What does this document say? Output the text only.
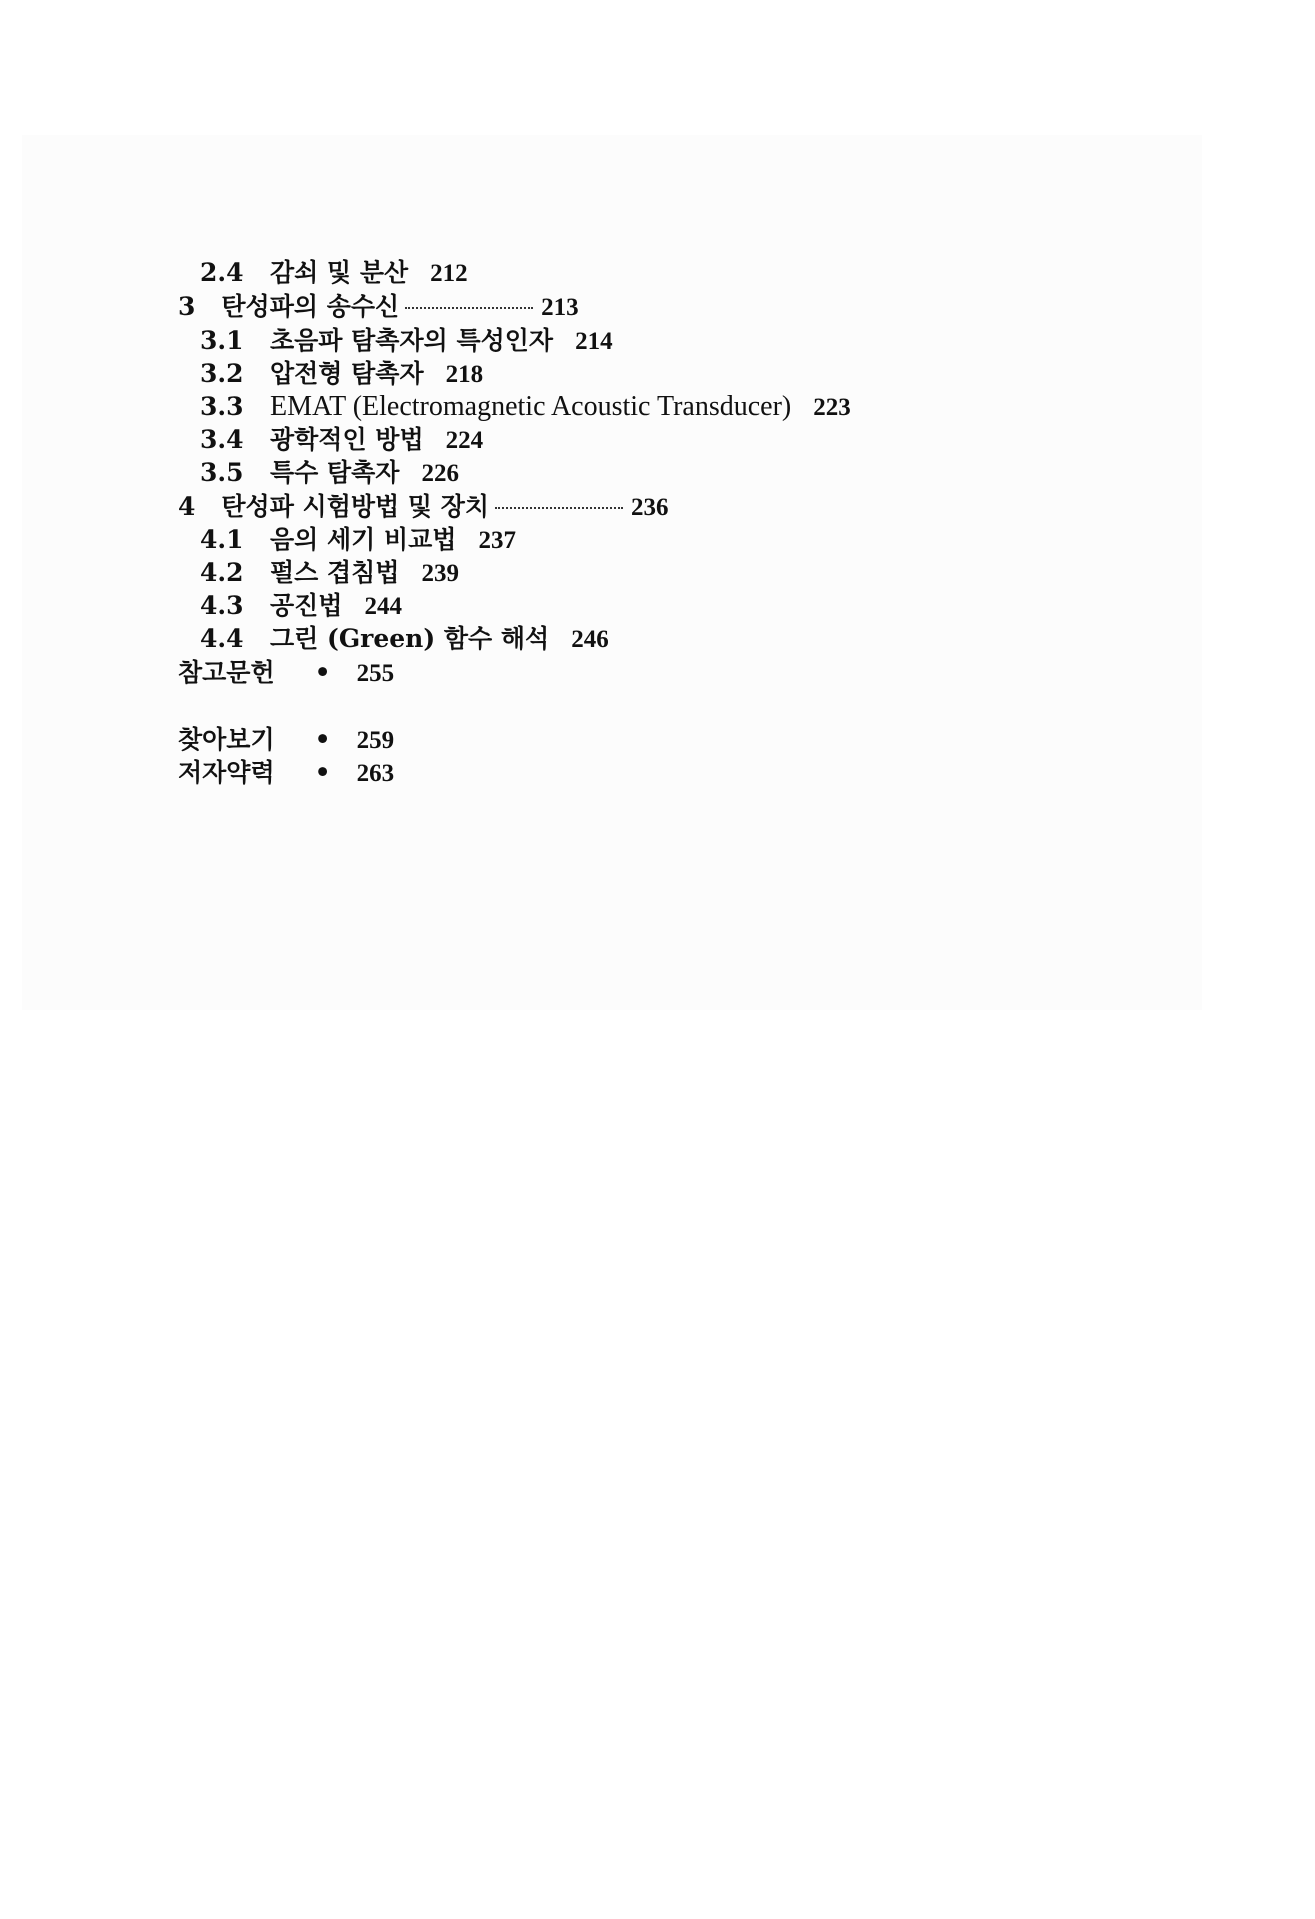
2.4 감쇠 및 분산 212
3 탄성파의 송수신	213
3.1 초음파 탐촉자의 특성인자 214
3.2 압전형 탐촉자 218
3.3 EMAT (Electromagnetic Acoustic Transducer) 223
3.4 광학적인 방법 224
3.5 특수 탐촉자 226
4 탄성파 시험방법 및 장치	236
4.1 음의 세기 비교법 237
4.2 펄스 겹침법 239
4.3 공진법 244
4.4 그린 (Green) 함수 해석 246
참고문헌 • 255
찾아보기 • 259
저자약력 • 263
